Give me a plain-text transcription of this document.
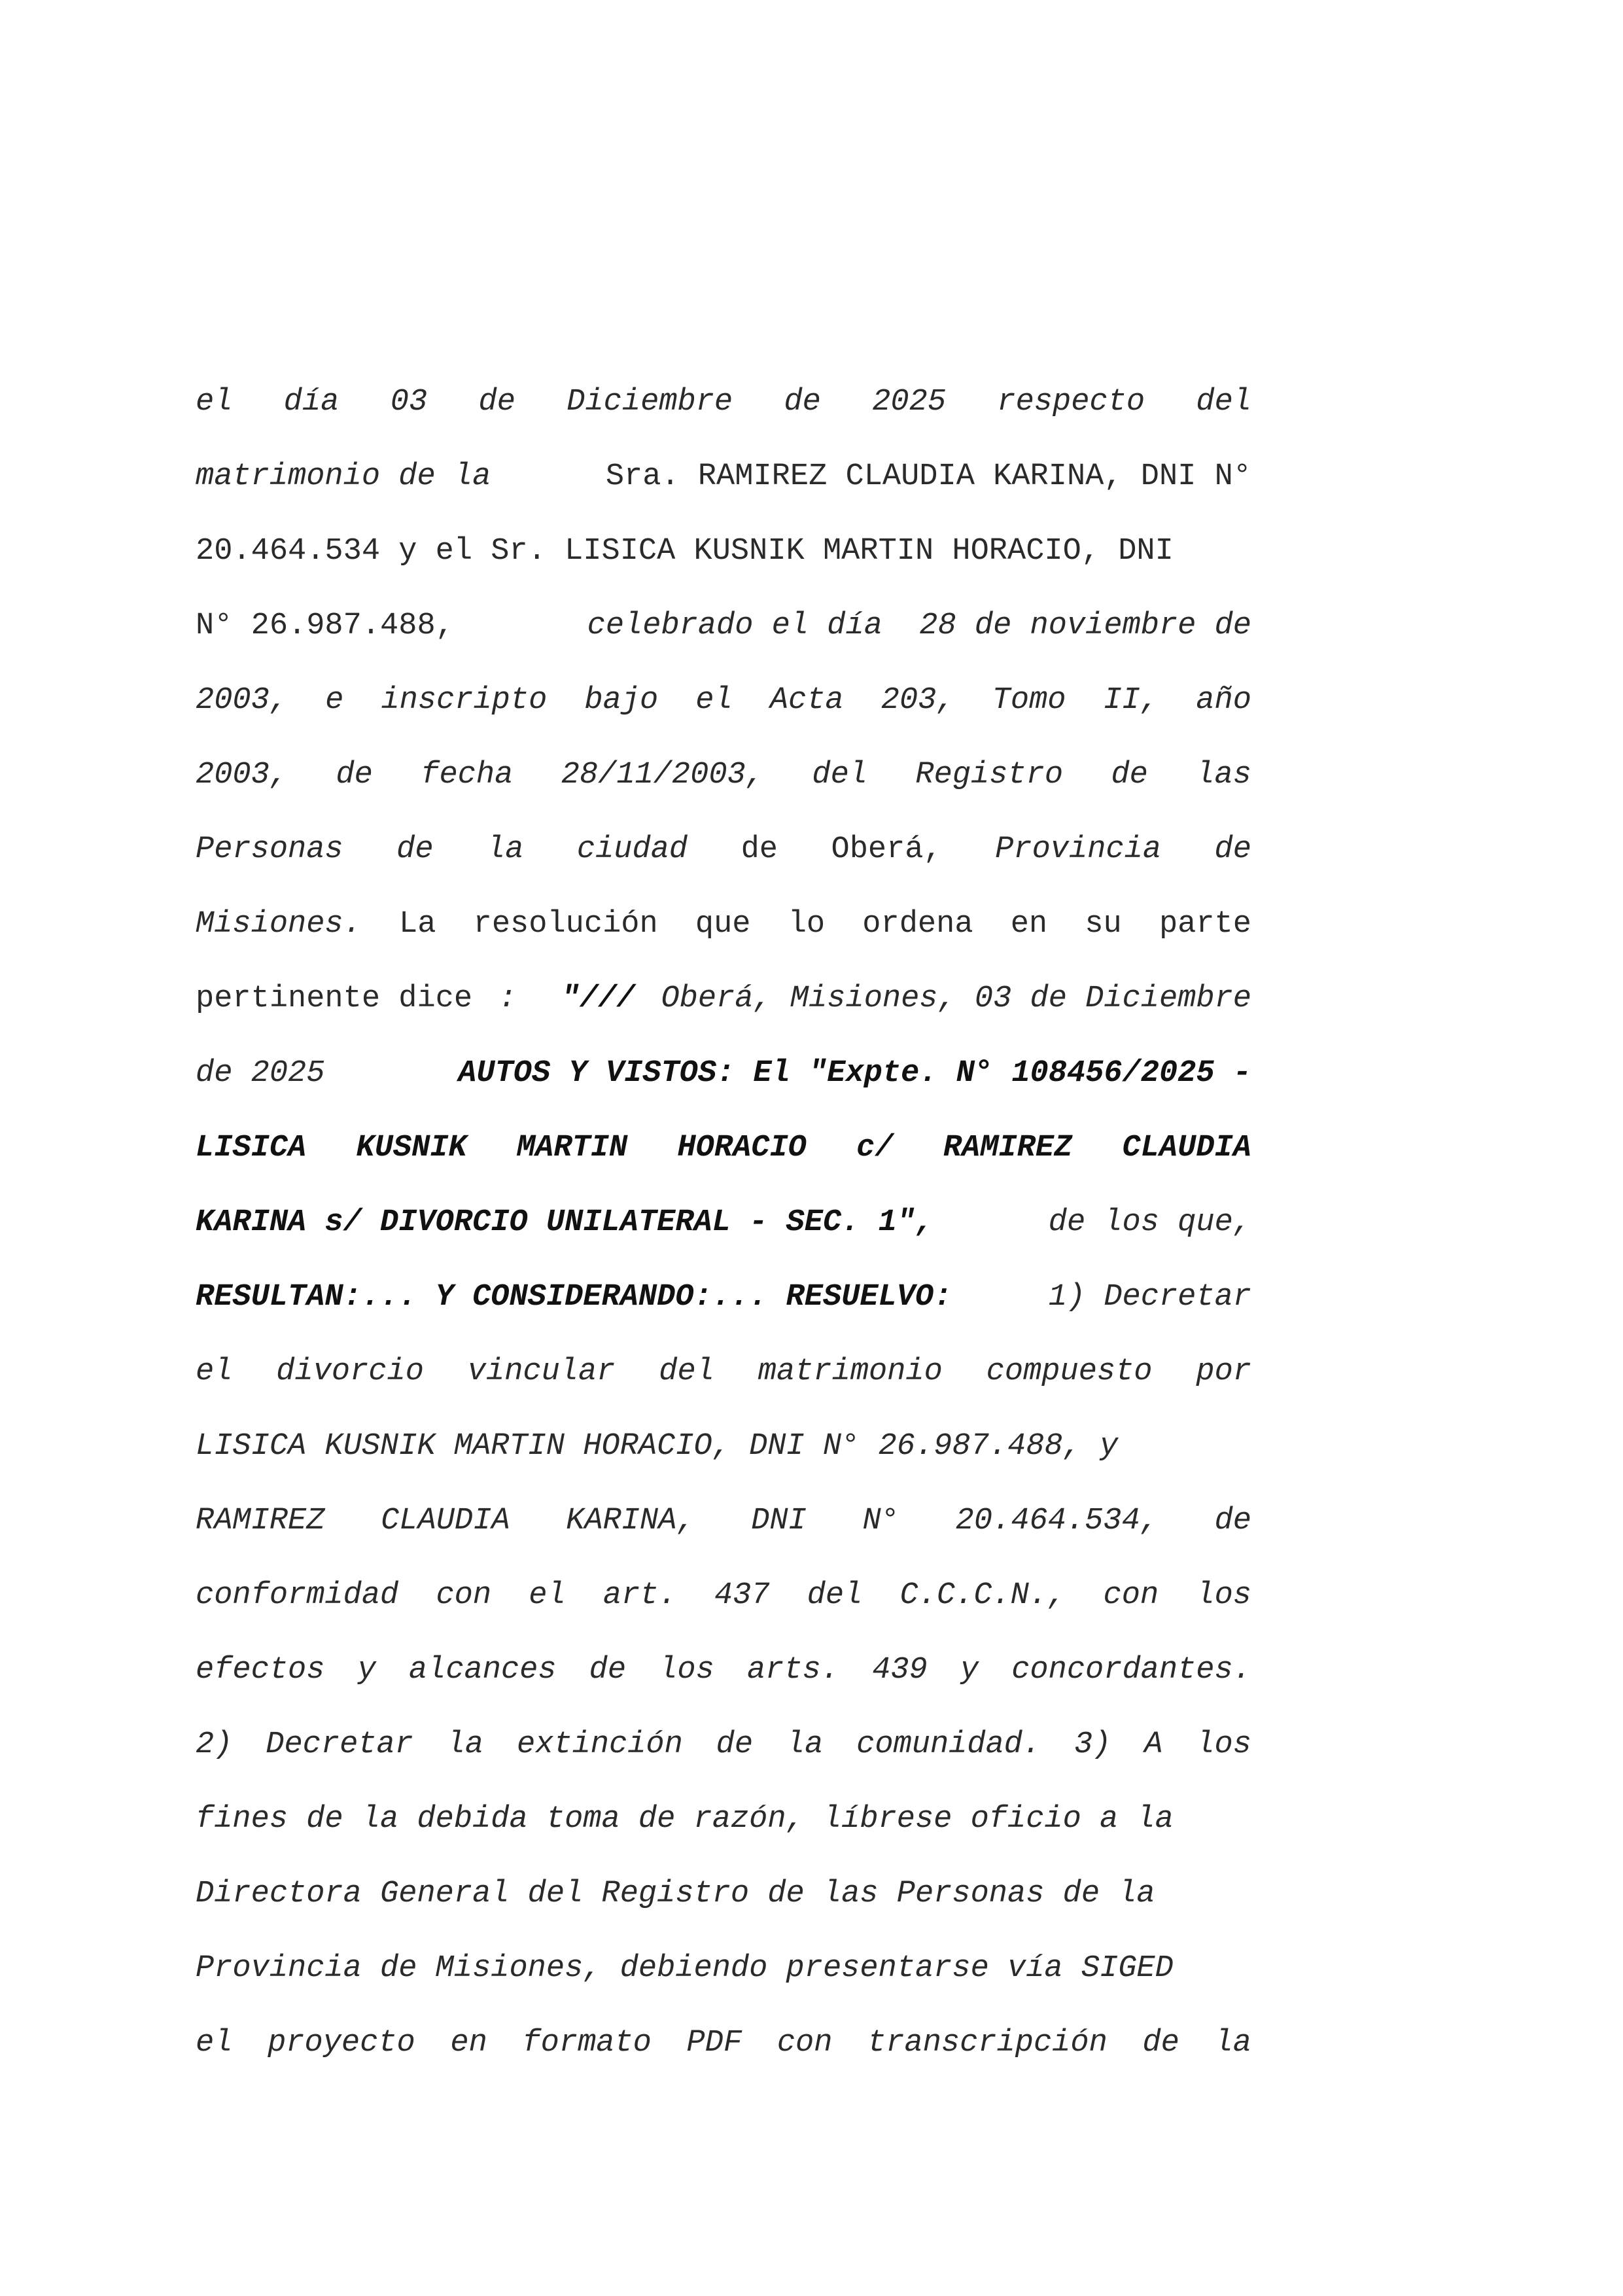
el día 03 de Diciembre de 2025 respecto del
matrimonio de la	Sra. RAMIREZ CLAUDIA KARINA, DNI N°
20.464.534 y el Sr. LISICA KUSNIK MARTIN HORACIO, DNI
N° 26.987.488,	celebrado el día  28 de noviembre de
2003, e inscripto bajo el Acta 203, Tomo II, año
2003, de fecha 28/11/2003, del Registro de las
Personas de la ciudad de Oberá, Provincia de
Misiones. La resolución que lo ordena en su parte
pertinente dice : "/// Oberá, Misiones, 03 de Diciembre
de 2025	AUTOS Y VISTOS: El "Expte. N° 108456/2025 -
LISICA KUSNIK MARTIN HORACIO c/ RAMIREZ CLAUDIA
KARINA s/ DIVORCIO UNILATERAL - SEC. 1",	de los que,
RESULTAN:... Y CONSIDERANDO:... RESUELVO:	1) Decretar
el divorcio vincular del matrimonio compuesto por
LISICA KUSNIK MARTIN HORACIO, DNI N° 26.987.488, y
RAMIREZ CLAUDIA KARINA, DNI N° 20.464.534, de
conformidad con el art. 437 del C.C.C.N., con los
efectos y alcances de los arts. 439 y concordantes.
2) Decretar la extinción de la comunidad. 3) A los
fines de la debida toma de razón, líbrese oficio a la
Directora General del Registro de las Personas de la
Provincia de Misiones, debiendo presentarse vía SIGED
el proyecto en formato PDF con transcripción de la
